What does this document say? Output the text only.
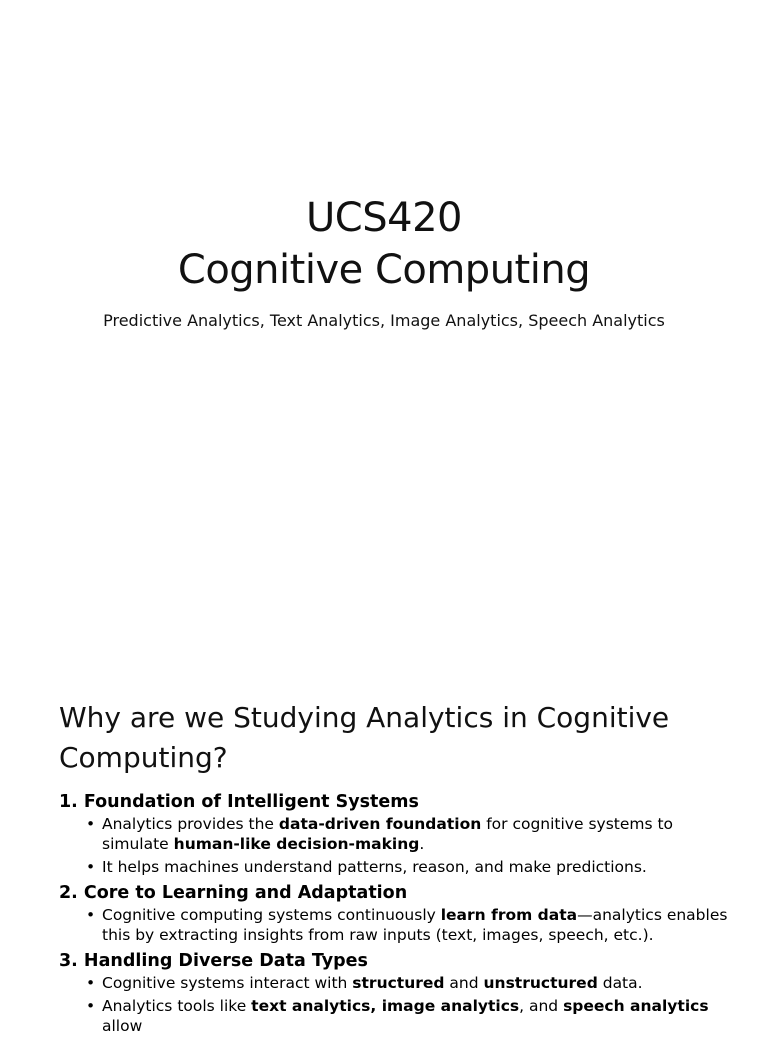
UCS420
Cognitive Computing
Predictive Analytics, Text Analytics, Image Analytics, Speech Analytics
Why are we Studying Analytics in Cognitive Computing?
1. Foundation of Intelligent Systems
• Analytics provides the data-driven foundation for cognitive systems to simulate human-like decision-making.
• It helps machines understand patterns, reason, and make predictions.
2. Core to Learning and Adaptation
• Cognitive computing systems continuously learn from data—analytics enables this by extracting insights from raw inputs (text, images, speech, etc.).
3. Handling Diverse Data Types
• Cognitive systems interact with structured and unstructured data.
• Analytics tools like text analytics, image analytics, and speech analytics allow
